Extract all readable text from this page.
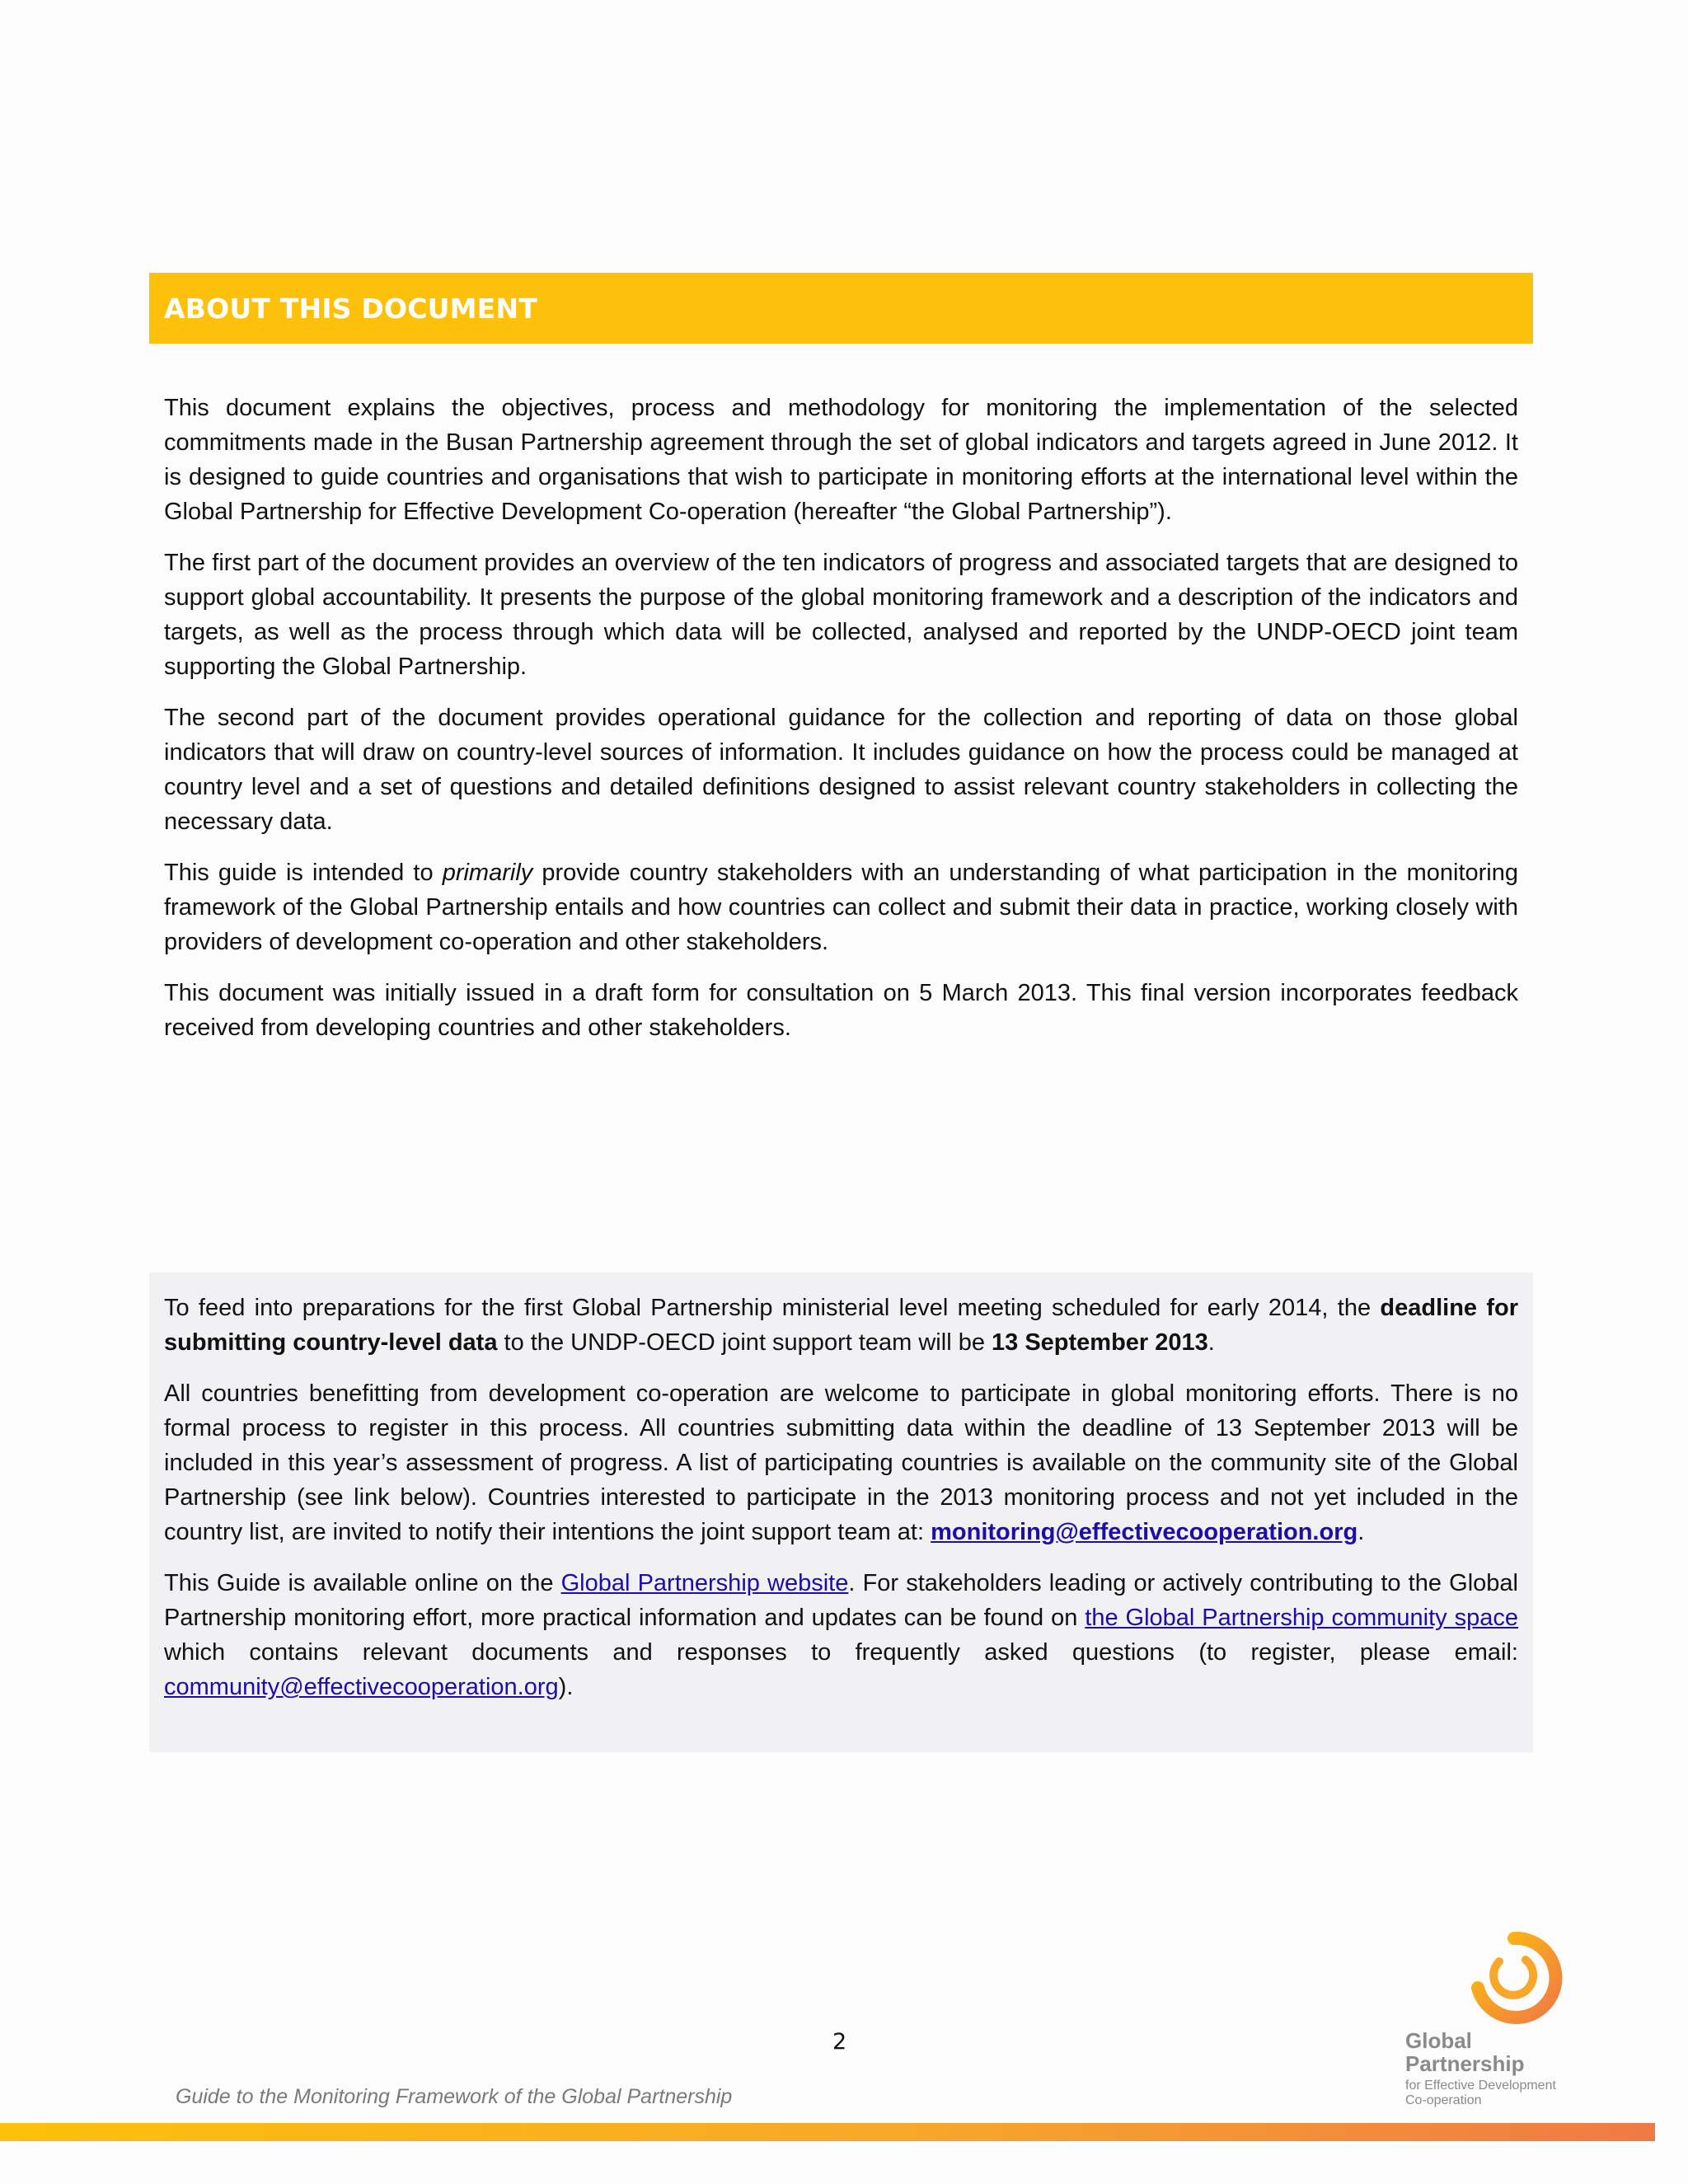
ABOUT THIS DOCUMENT

This document explains the objectives, process and methodology for monitoring the implementation of the selected commitments made in the Busan Partnership agreement through the set of global indicators and targets agreed in June 2012. It is designed to guide countries and organisations that wish to participate in monitoring efforts at the international level within the Global Partnership for Effective Development Co-operation (hereafter “the Global Partnership”).

The first part of the document provides an overview of the ten indicators of progress and associated targets that are designed to support global accountability. It presents the purpose of the global monitoring framework and a description of the indicators and targets, as well as the process through which data will be collected, analysed and reported by the UNDP-OECD joint team supporting the Global Partnership.

The second part of the document provides operational guidance for the collection and reporting of data on those global indicators that will draw on country-level sources of information. It includes guidance on how the process could be managed at country level and a set of questions and detailed definitions designed to assist relevant country stakeholders in collecting the necessary data.

This guide is intended to primarily provide country stakeholders with an understanding of what participation in the monitoring framework of the Global Partnership entails and how countries can collect and submit their data in practice, working closely with providers of development co-operation and other stakeholders.

This document was initially issued in a draft form for consultation on 5 March 2013. This final version incorporates feedback received from developing countries and other stakeholders.

To feed into preparations for the first Global Partnership ministerial level meeting scheduled for early 2014, the deadline for submitting country-level data to the UNDP-OECD joint support team will be 13 September 2013.

All countries benefitting from development co-operation are welcome to participate in global monitoring efforts. There is no formal process to register in this process. All countries submitting data within the deadline of 13 September 2013 will be included in this year’s assessment of progress. A list of participating countries is available on the community site of the Global Partnership (see link below). Countries interested to participate in the 2013 monitoring process and not yet included in the country list, are invited to notify their intentions the joint support team at: monitoring@effectivecooperation.org.

This Guide is available online on the Global Partnership website. For stakeholders leading or actively contributing to the Global Partnership monitoring effort, more practical information and updates can be found on the Global Partnership community space which contains relevant documents and responses to frequently asked questions (to register, please email: community@effectivecooperation.org).

2
Guide to the Monitoring Framework of the Global Partnership
Global
Partnership
for Effective Development
Co-operation
